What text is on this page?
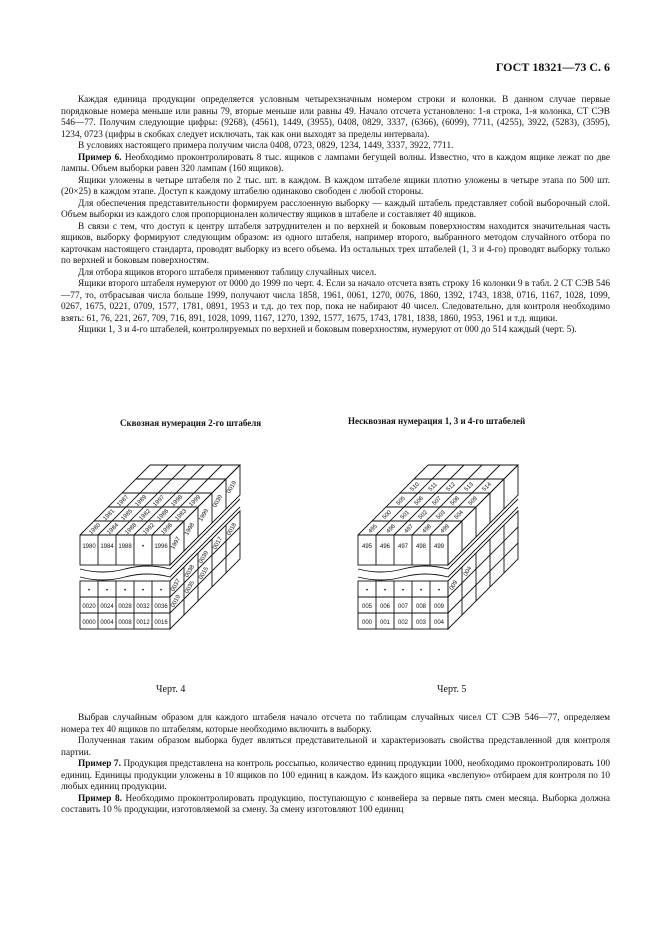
ГОСТ 18321—73 С. 6

Каждая единица продукции определяется условным четырехзначным номером строки и колонки. В данном случае первые порядковые номера меньше или равны 79, вторые меньше или равны 49. Начало отсчета установлено: 1-я строка, 1-я колонка, СТ СЭВ 546—77. Получим следующие цифры: (9268), (4561), 1449, (3955), 0408, 0829, 3337, (6366), (6099), 7711, (4255), 3922, (5283), (3595), 1234, 0723 (цифры в скобках следует исключать, так как они выходят за пределы интервала).

В условиях настоящего примера получим числа 0408, 0723, 0829, 1234, 1449, 3337, 3922, 7711.

Пример 6. Необходимо проконтролировать 8 тыс. ящиков с лампами бегущей волны. Известно, что в каждом ящике лежат по две лампы. Объем выборки равен 320 лампам (160 ящиков).

Ящики уложены в четыре штабеля по 2 тыс. шт. в каждом. В каждом штабеле ящики плотно уложены в четыре этапа по 500 шт. (20×25) в каждом этапе. Доступ к каждому штабелю одинаково свободен с любой стороны.

Для обеспечения представительности формируем расслоенную выборку — каждый штабель представляет собой выборочный слой. Объем выборки из каждого слоя пропорционален количеству ящиков в штабеле и составляет 40 ящиков.

В связи с тем, что доступ к центру штабеля затруднителен и по верхней и боковым поверхностям находится значительная часть ящиков, выборку формируют следующим образом: из одного штабеля, например второго, выбранного методом случайного отбора по карточкам настоящего стандарта, проводят выборку из всего объема. Из остальных трех штабелей (1, 3 и 4-го) проводят выборку только по верхней и боковым поверхностям.

Для отбора ящиков второго штабеля применяют таблицу случайных чисел.

Ящики второго штабеля нумеруют от 0000 до 1999 по черт. 4. Если за начало отсчета взять строку 16 колонки 9 в табл. 2 СТ СЭВ 546—77, то, отбрасывая числа больше 1999, получают числа 1858, 1961, 0061, 1270, 0076, 1860, 1392, 1743, 1838, 0716, 1167, 1028, 1099, 0267, 1675, 0221, 0709, 1577, 1781, 0891, 1953 и т.д. до тех пор, пока не набирают 40 чисел. Следовательно, для контроля необходимо взять: 61, 76, 221, 267, 709, 716, 891, 1028, 1099, 1167, 1270, 1392, 1577, 1675, 1743, 1781, 1838, 1860, 1953, 1961 и т.д. ящики.

Ящики 1, 3 и 4-го штабелей, контролируемых по верхней и боковым поверхностям, нумеруют от 000 до 514 каждый (черт. 5).

Сквозная нумерация 2-го штабеля	Несквозная нумерация 1, 3 и 4-го штабелей
1980 1984 1988 1992 1996
1981 1985 1982 1986 1983
1987 1989 1997 1998 1999
1980 1984 1988 • 1996 1997
1998
1999
0039
0019
•	•	•	•	•
0020 0024 0028 0032 0036
0000 0004 0008 0012 0016
0037
0038
0039
0017
0018
0019
0035
0015
495 496 497 498 499
500 501 502 503 504
505 506 507 508 509
510 511 512 513 514
495 496 497 498 499
•	•	•	•	•
005 006 007 008 009
000 001 002 003 004
009
004
Черт. 4	Черт. 5

Выбрав случайным образом для каждого штабеля начало отсчета по таблицам случайных чисел СТ СЭВ 546—77, определяем номера тех 40 ящиков по штабелям, которые необходимо включить в выборку.

Полученная таким образом выборка будет являться представительной и характеризовать свойства представленной для контроля партии.

Пример 7. Продукция представлена на контроль россыпью, количество единиц продукции 1000, необходимо проконтролировать 100 единиц. Единицы продукции уложены в 10 ящиков по 100 единиц в каждом. Из каждого ящика «вслепую» отбираем для контроля по 10 любых единиц продукции.

Пример 8. Необходимо проконтролировать продукцию, поступающую с конвейера за первые пять смен месяца. Выборка должна составить 10 % продукции, изготовляемой за смену. За смену изготовляют 100 единиц
